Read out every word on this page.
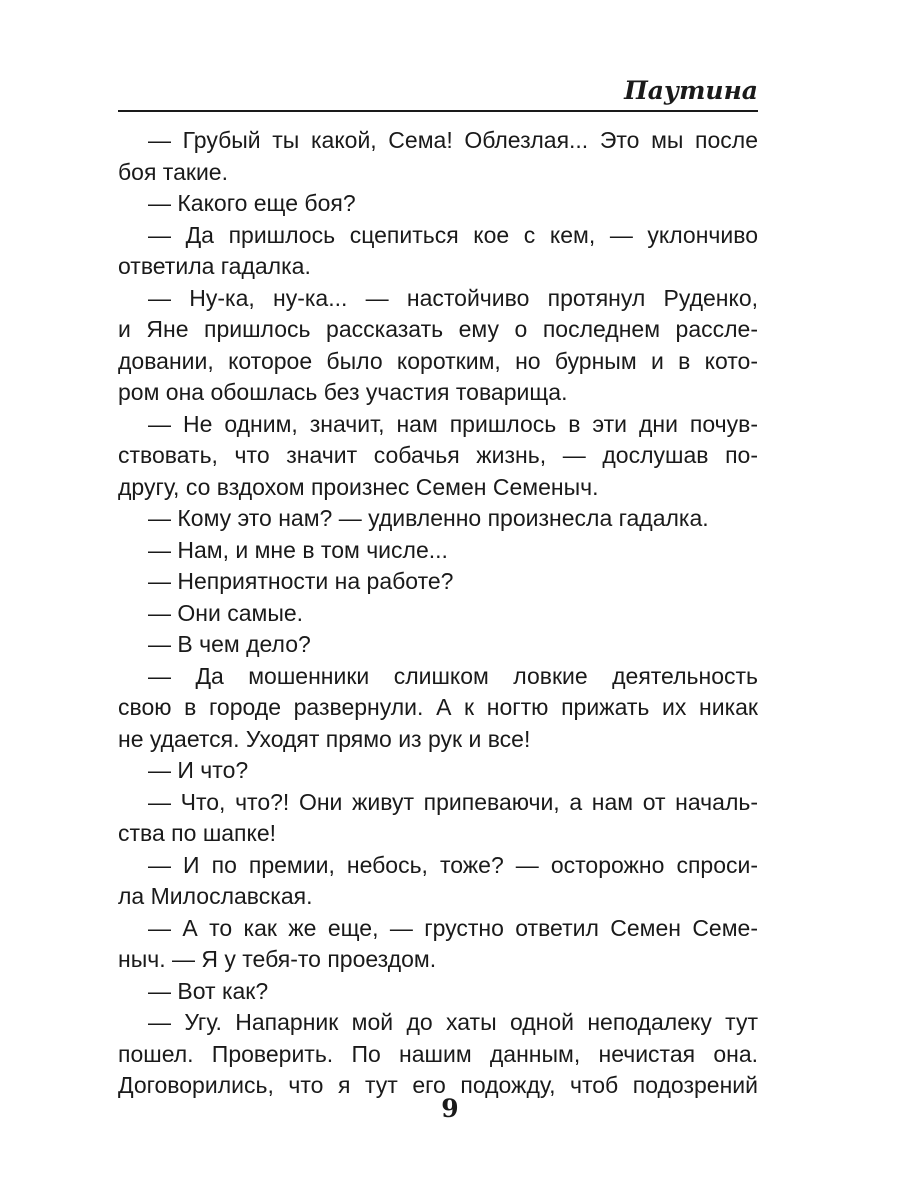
Паутина
— Грубый ты какой, Сема! Облезлая... Это мы после
боя такие.
— Какого еще боя?
— Да пришлось сцепиться кое с кем, — уклончиво
ответила гадалка.
— Ну-ка, ну-ка... — настойчиво протянул Руденко,
и Яне пришлось рассказать ему о последнем рассле-
довании, которое было коротким, но бурным и в кото-
ром она обошлась без участия товарища.
— Не одним, значит, нам пришлось в эти дни почув-
ствовать, что значит собачья жизнь, — дослушав по-
другу, со вздохом произнес Семен Семеныч.
— Кому это нам? — удивленно произнесла гадалка.
— Нам, и мне в том числе...
— Неприятности на работе?
— Они самые.
— В чем дело?
— Да мошенники слишком ловкие деятельность
свою в городе развернули. А к ногтю прижать их никак
не удается. Уходят прямо из рук и все!
— И что?
— Что, что?! Они живут припеваючи, а нам от началь-
ства по шапке!
— И по премии, небось, тоже? — осторожно спроси-
ла Милославская.
— А то как же еще, — грустно ответил Семен Семе-
ныч. — Я у тебя-то проездом.
— Вот как?
— Угу. Напарник мой до хаты одной неподалеку тут
пошел. Проверить. По нашим данным, нечистая она.
Договорились, что я тут его подожду, чтоб подозрений
9
